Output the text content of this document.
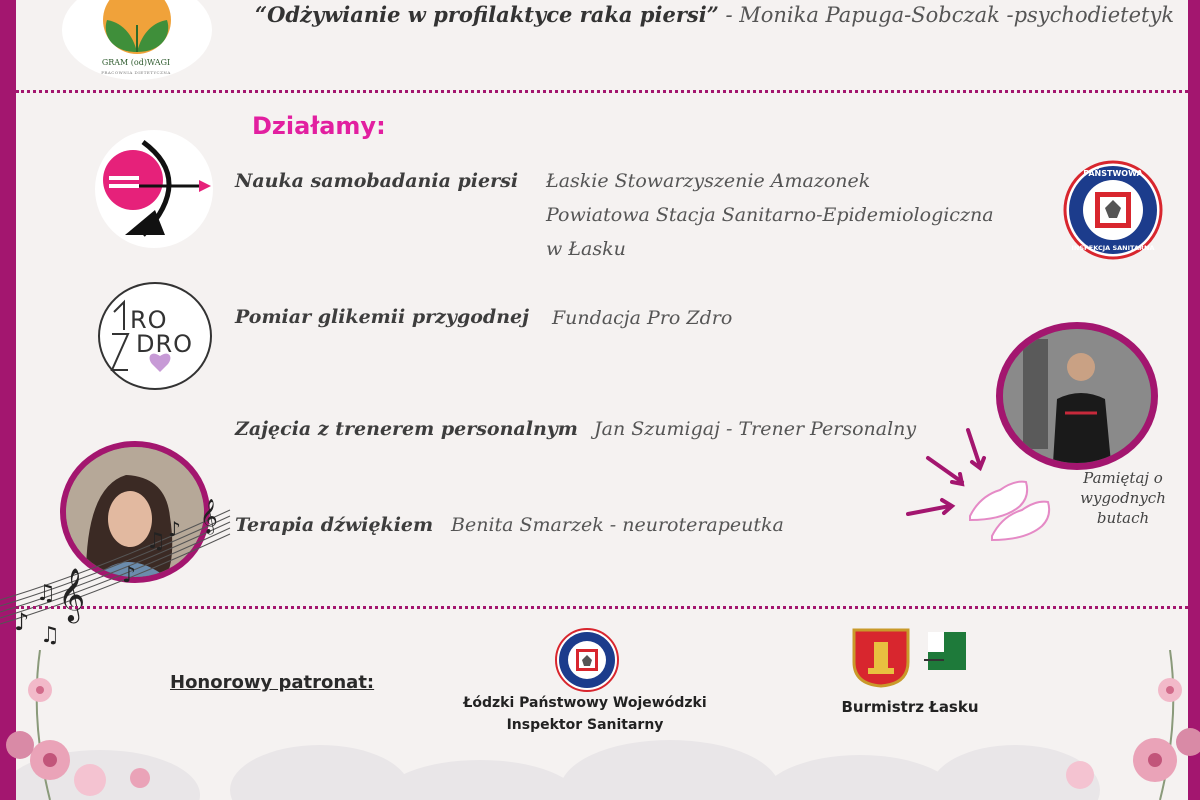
GRAM (od)WAGI
PRACOWNIA DIETETYCZNA
“Odżywianie w profilaktyce raka piersi” - Monika Papuga-Sobczak -psychodietetyk
Działamy:
Nauka samobadania piersi Łaskie Stowarzyszenie Amazonek
Powiatowa Stacja Sanitarno-Epidemiologiczna
w Łasku
PAŃSTWOWA
INSPEKCJA SANITARNA
RO
DRO
Pomiar glikemii przygodnej Fundacja Pro Zdro
Zajęcia z trenerem personalnym Jan Szumigaj - Trener Personalny
Pamiętaj o wygodnych butach
𝄞
𝄞
♪
♫
♫ ♪
♪
♫
Terapia dźwiękiem Benita Smarzek - neuroterapeutka
Honorowy patronat:
Łódzki Państwowy Wojewódzki
Inspektor Sanitarny
Burmistrz Łasku
